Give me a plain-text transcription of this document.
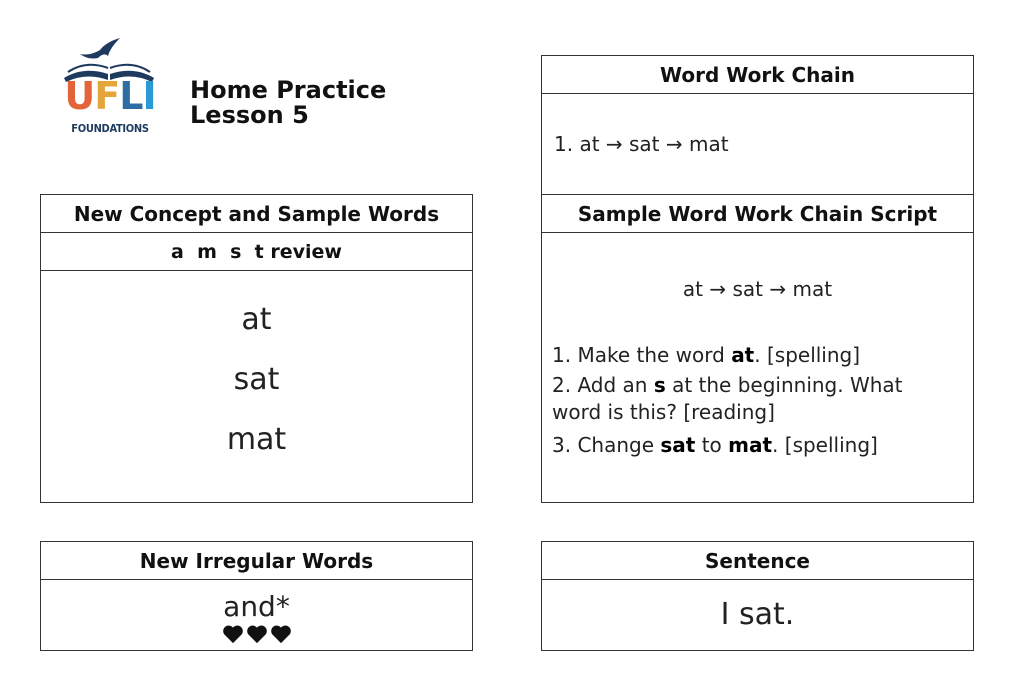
U F L I
FOUNDATIONS
Home Practice
Lesson 5
Word Work Chain
1. at → sat → mat
New Concept and Sample Words
a  m  s  t review
at
sat
mat
Sample Word Work Chain Script
at → sat → mat
1. Make the word at. [spelling]
2. Add an s at the beginning. What
word is this? [reading]
3. Change sat to mat. [spelling]
New Irregular Words
and*
Sentence
I sat.
